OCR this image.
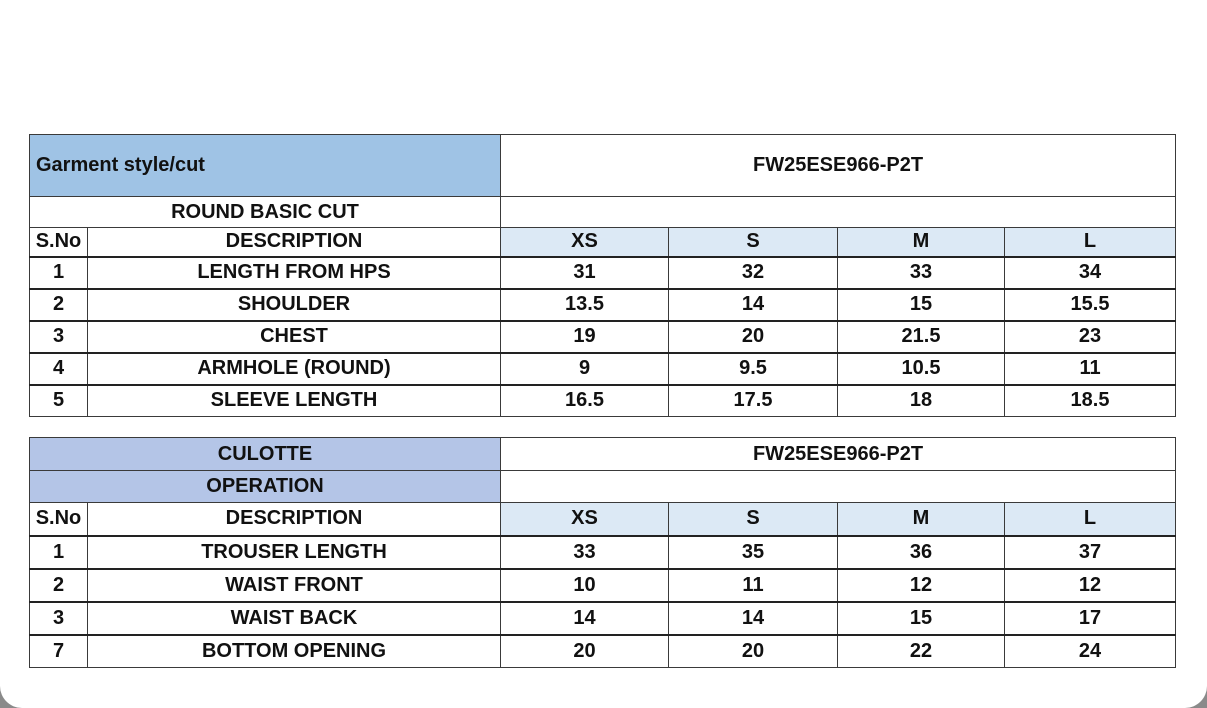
Garment style/cut		FW25ESE966-P2T			
ROUND BASIC CUT					
S.No	DESCRIPTION	XS	S	M	L
1	LENGTH FROM HPS	31	32	33	34
2	SHOULDER	13.5	14	15	15.5
3	CHEST	19	20	21.5	23
4	ARMHOLE (ROUND)	9	9.5	10.5	11
5	SLEEVE LENGTH	16.5	17.5	18	18.5
CULOTTE		FW25ESE966-P2T			
OPERATION					
S.No	DESCRIPTION	XS	S	M	L
1	TROUSER LENGTH	33	35	36	37
2	WAIST FRONT	10	11	12	12
3	WAIST BACK	14	14	15	17
7	BOTTOM OPENING	20	20	22	24
